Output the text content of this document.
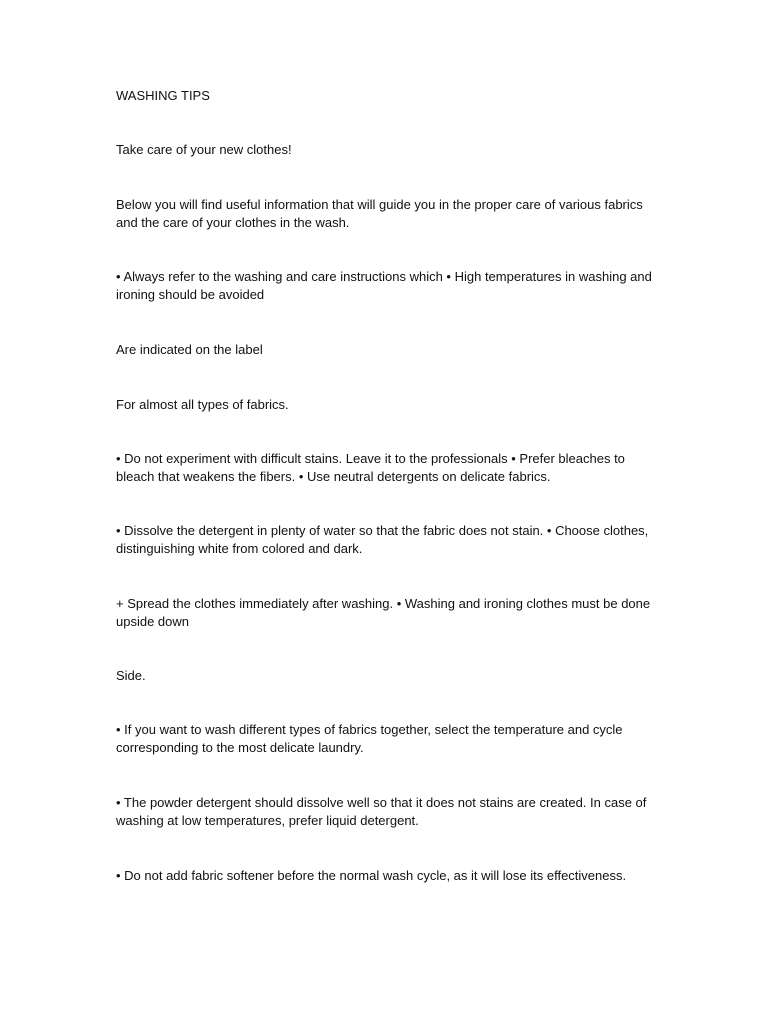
WASHING TIPS

Take care of your new clothes!

Below you will find useful information that will guide you in the proper care of various fabrics and the care of your clothes in the wash.

• Always refer to the washing and care instructions which • High temperatures in washing and ironing should be avoided

Are indicated on the label

For almost all types of fabrics.

• Do not experiment with difficult stains. Leave it to the professionals • Prefer bleaches to bleach that weakens the fibers. • Use neutral detergents on delicate fabrics.

• Dissolve the detergent in plenty of water so that the fabric does not stain. • Choose clothes, distinguishing white from colored and dark.

+ Spread the clothes immediately after washing. • Washing and ironing clothes must be done upside down

Side.

• If you want to wash different types of fabrics together, select the temperature and cycle corresponding to the most delicate laundry.

• The powder detergent should dissolve well so that it does not stains are created. In case of washing at low temperatures, prefer liquid detergent.

• Do not add fabric softener before the normal wash cycle, as it will lose its effectiveness.
